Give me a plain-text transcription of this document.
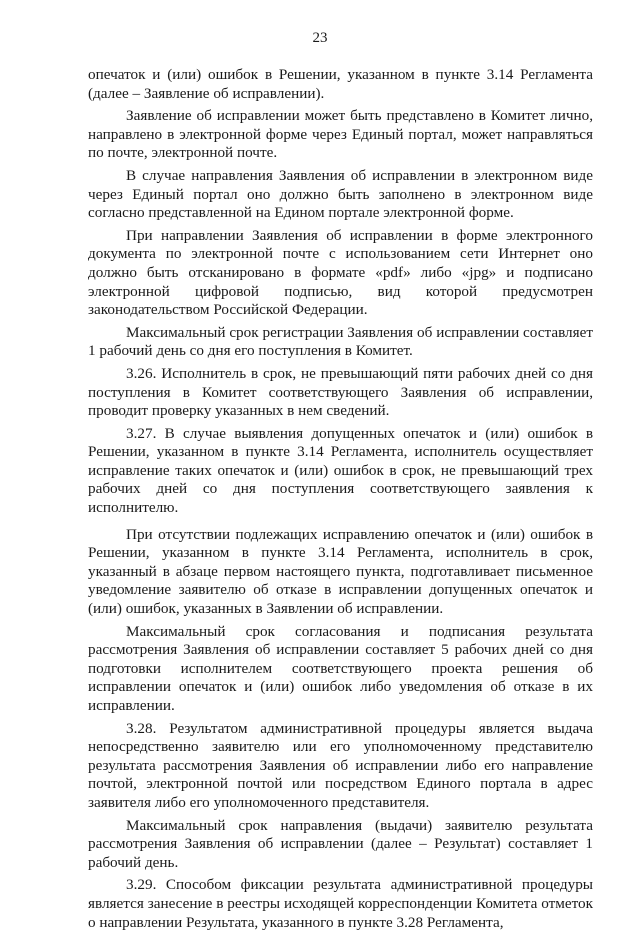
23

опечаток и (или) ошибок в Решении, указанном в пункте 3.14 Регламента (далее – Заявление об исправлении).

Заявление об исправлении может быть представлено в Комитет лично, направлено в электронной форме через Единый портал, может направляться по почте, электронной почте.

В случае направления Заявления об исправлении в электронном виде через Единый портал оно должно быть заполнено в электронном виде согласно представленной на Едином портале электронной форме.

При направлении Заявления об исправлении в форме электронного документа по электронной почте с использованием сети Интернет оно должно быть отсканировано в формате «pdf» либо «jpg» и подписано электронной цифровой подписью, вид которой предусмотрен законодательством Российской Федерации.

Максимальный срок регистрации Заявления об исправлении составляет 1 рабочий день со дня его поступления в Комитет.

3.26. Исполнитель в срок, не превышающий пяти рабочих дней со дня поступления в Комитет соответствующего Заявления об исправлении, проводит проверку указанных в нем сведений.

3.27. В случае выявления допущенных опечаток и (или) ошибок в Решении, указанном в пункте 3.14 Регламента, исполнитель осуществляет исправление таких опечаток и (или) ошибок в срок, не превышающий трех рабочих дней со дня поступления соответствующего заявления к исполнителю.

При отсутствии подлежащих исправлению опечаток и (или) ошибок в Решении, указанном в пункте 3.14 Регламента, исполнитель в срок, указанный в абзаце первом настоящего пункта, подготавливает письменное уведомление заявителю об отказе в исправлении допущенных опечаток и (или) ошибок, указанных в Заявлении об исправлении.

Максимальный срок согласования и подписания результата рассмотрения Заявления об исправлении составляет 5 рабочих дней со дня подготовки исполнителем соответствующего проекта решения об исправлении опечаток и (или) ошибок либо уведомления об отказе в их исправлении.

3.28. Результатом административной процедуры является выдача непосредственно заявителю или его уполномоченному представителю результата рассмотрения Заявления об исправлении либо его направление почтой, электронной почтой или посредством Единого портала в адрес заявителя либо его уполномоченного представителя.

Максимальный срок направления (выдачи) заявителю результата рассмотрения Заявления об исправлении (далее – Результат) составляет 1 рабочий день.

3.29. Способом фиксации результата административной процедуры является занесение в реестры исходящей корреспонденции Комитета отметок о направлении Результата, указанного в пункте 3.28 Регламента,
